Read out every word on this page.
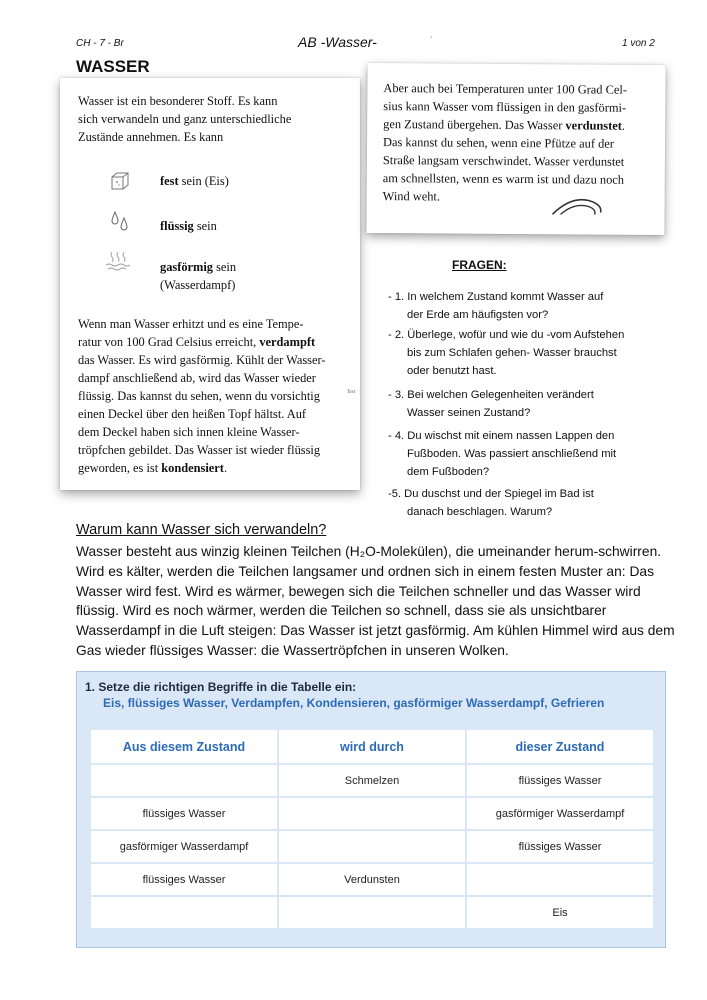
CH - 7 - Br	AB -Wasser-	ᐧ
1 von 2
WASSER
Wasser ist ein besonderer Stoff. Es kann
sich verwandeln und ganz unterschiedliche
Zustände annehmen. Es kann
fest sein (Eis)
flüssig sein
gasförmig sein
(Wasserdampf)
Wenn man Wasser erhitzt und es eine Tempe-
ratur von 100 Grad Celsius erreicht, verdampft
das Wasser. Es wird gasförmig. Kühlt der Wasser-
dampf anschließend ab, wird das Wasser wieder
flüssig. Das kannst du sehen, wenn du vorsichtig
einen Deckel über den heißen Topf hältst. Auf
dem Deckel haben sich innen kleine Wasser-
tröpfchen gebildet. Das Wasser ist wieder flüssig
geworden, es ist kondensiert.
Text
Aber auch bei Temperaturen unter 100 Grad Cel-
sius kann Wasser vom flüssigen in den gasförmi-
gen Zustand übergehen. Das Wasser verdunstet.
Das kannst du sehen, wenn eine Pfütze auf der
Straße langsam verschwindet. Wasser verdunstet
am schnellsten, wenn es warm ist und dazu noch
Wind weht.
FRAGEN:
- 1. In welchem Zustand kommt Wasser auf
der Erde am häufigsten vor?
- 2. Überlege, wofür und wie du -vom Aufstehen
bis zum Schlafen gehen- Wasser brauchst
oder benutzt hast.
- 3. Bei welchen Gelegenheiten verändert
Wasser seinen Zustand?
- 4. Du wischst mit einem nassen Lappen den
Fußboden. Was passiert anschließend mit
dem Fußboden?
-5. Du duschst und der Spiegel im Bad ist
danach beschlagen. Warum?
Warum kann Wasser sich verwandeln?
Wasser besteht aus winzig kleinen Teilchen (H₂O-Molekülen), die umeinander herum-schwirren. Wird es kälter, werden die Teilchen langsamer und ordnen sich in einem festen Muster an: Das Wasser wird fest. Wird es wärmer, bewegen sich die Teilchen schneller und das Wasser wird flüssig. Wird es noch wärmer, werden die Teilchen so schnell, dass sie als unsichtbarer Wasserdampf in die Luft steigen: Das Wasser ist jetzt gasförmig. Am kühlen Himmel wird aus dem Gas wieder flüssiges Wasser: die Wassertröpfchen in unseren Wolken.
1. Setze die richtigen Begriffe in die Tabelle ein:
Eis, flüssiges Wasser, Verdampfen, Kondensieren, gasförmiger Wasserdampf, Gefrieren
Aus diesem Zustand	wird durch	dieser Zustand
	Schmelzen	flüssiges Wasser
flüssiges Wasser		gasförmiger Wasserdampf
gasförmiger Wasserdampf		flüssiges Wasser
flüssiges Wasser	Verdunsten	
		Eis
